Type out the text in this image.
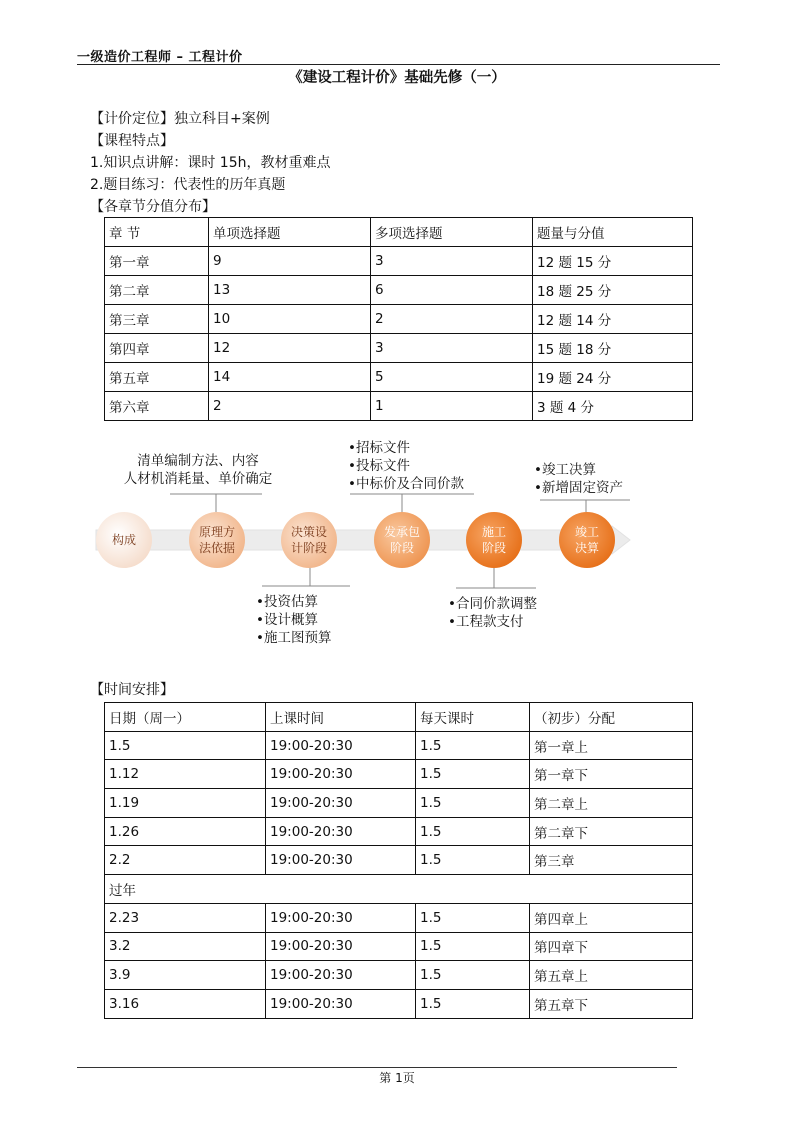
一级造价工程师 – 工程计价
《建设工程计价》基础先修（一）
【计价定位】独立科目+案例
【课程特点】
1.知识点讲解：课时 15h，教材重难点
2.题目练习：代表性的历年真题
【各章节分值分布】
章 节	单项选择题	多项选择题	题量与分值
第一章	9	3	12 题 15 分
第二章	13	6	18 题 25 分
第三章	10	2	12 题 14 分
第四章	12	3	15 题 18 分
第五章	14	5	19 题 24 分
第六章	2	1	3 题 4 分
构成
原理方
法依据
决策设
计阶段
发承包
阶段
施工
阶段
竣工
决算
清单编制方法、内容
人材机消耗量、单价确定
•投资估算
•设计概算
•施工图预算
•招标文件
•投标文件
•中标价及合同价款
•合同价款调整
•工程款支付
•竣工决算
•新增固定资产
【时间安排】
日期（周一）	上课时间	每天课时	（初步）分配
1.5	19:00-20:30	1.5	第一章上
1.12	19:00-20:30	1.5	第一章下
1.19	19:00-20:30	1.5	第二章上
1.26	19:00-20:30	1.5	第二章下
2.2	19:00-20:30	1.5	第三章
过年			
2.23	19:00-20:30	1.5	第四章上
3.2	19:00-20:30	1.5	第四章下
3.9	19:00-20:30	1.5	第五章上
3.16	19:00-20:30	1.5	第五章下
第 1页
